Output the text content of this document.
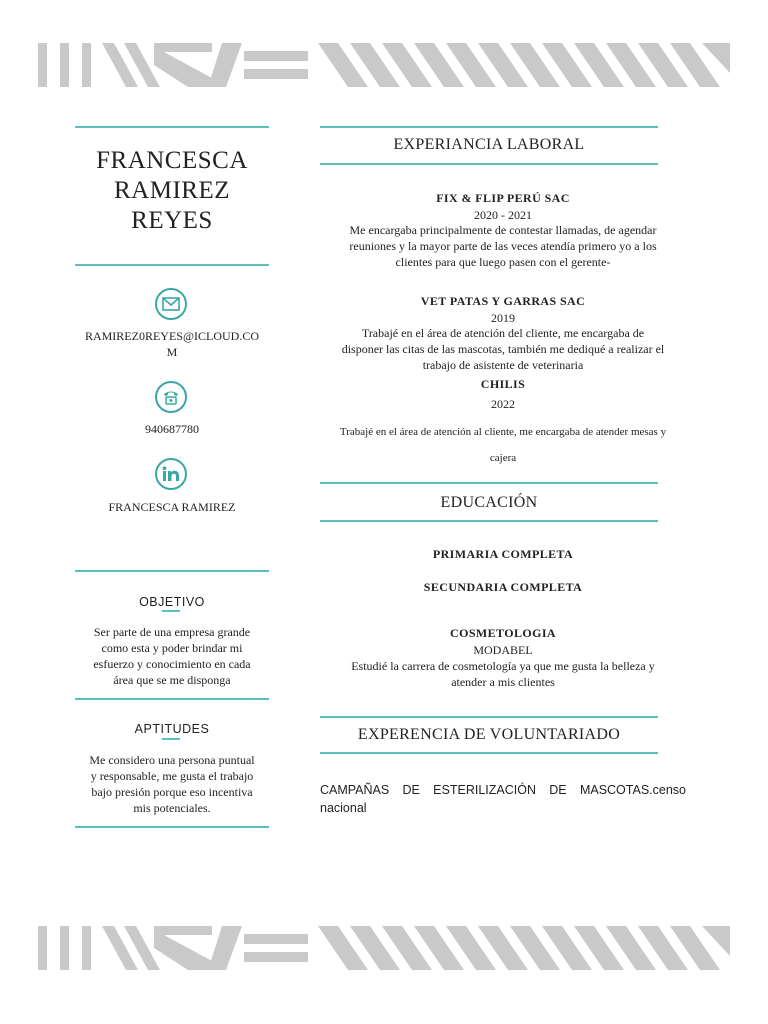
FRANCESCA
RAMIREZ
REYES
RAMIREZ0REYES@ICLOUD.CO
M
940687780
FRANCESCA RAMIREZ
OBJETIVO
Ser parte de una empresa grande
como esta y poder brindar mi
esfuerzo y conocimiento en cada
área que se me disponga
APTITUDES
Me considero una persona puntual
y responsable, me gusta el trabajo
bajo presión porque eso incentiva
mis potenciales.
EXPERIANCIA LABORAL
FIX & FLIP PERÚ SAC
2020 - 2021
Me encargaba principalmente de contestar llamadas, de agendar
reuniones y la mayor parte de las veces atendía primero yo a los
clientes para que luego pasen con el gerente-
VET PATAS Y GARRAS SAC
2019
Trabajé en el área de atención del cliente, me encargaba de
disponer las citas de las mascotas, también me dediqué a realizar el
trabajo de asistente de veterinaria
CHILIS
2022
Trabajé en el área de atención al cliente, me encargaba de atender mesas y
cajera
EDUCACIÓN
PRIMARIA COMPLETA
SECUNDARIA COMPLETA
COSMETOLOGIA
MODABEL
Estudié la carrera de cosmetología ya que me gusta la belleza y
atender a mis clientes
EXPERENCIA DE VOLUNTARIADO
CAMPAÑAS DE ESTERILIZACIÓN DE MASCOTAS.censo nacional
